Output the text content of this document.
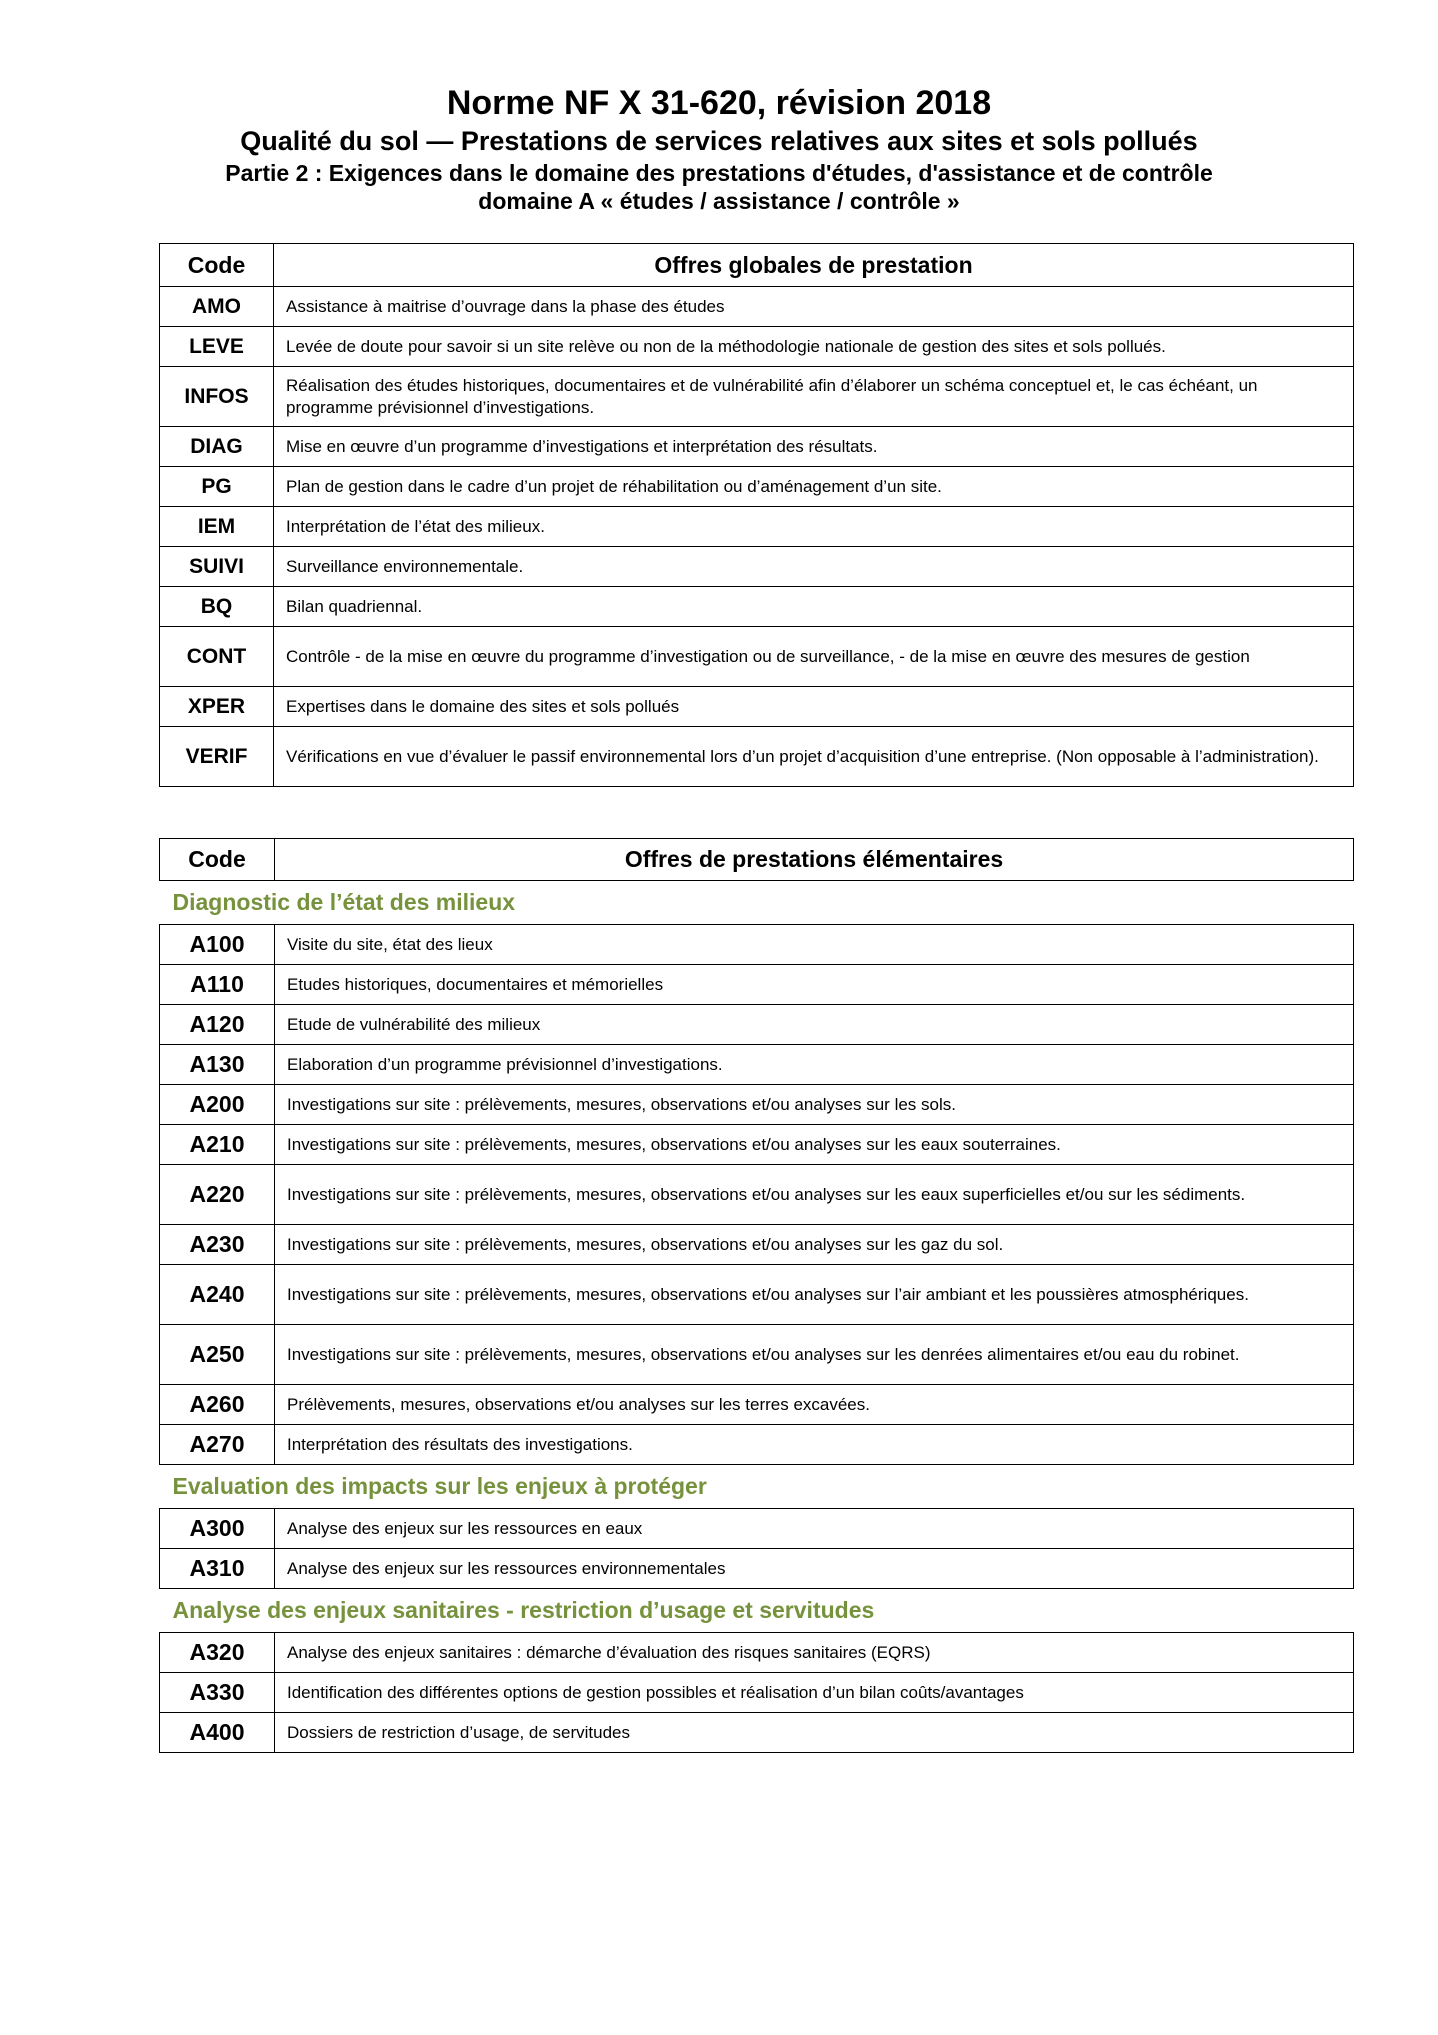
Norme NF X 31-620, révision 2018
Qualité du sol — Prestations de services relatives aux sites et sols pollués
Partie 2 : Exigences dans le domaine des prestations d'études, d'assistance et de contrôle
domaine A « études / assistance / contrôle »
Code	Offres globales de prestation
AMO	Assistance à maitrise d’ouvrage dans la phase des études
LEVE	Levée de doute pour savoir si un site relève ou non de la méthodologie nationale de gestion des sites et sols pollués.
INFOS	Réalisation des études historiques, documentaires et de vulnérabilité afin d’élaborer un schéma conceptuel et, le cas échéant, un programme prévisionnel d’investigations.
DIAG	Mise en œuvre d’un programme d’investigations et interprétation des résultats.
PG	Plan de gestion dans le cadre d’un projet de réhabilitation ou d’aménagement d’un site.
IEM	Interprétation de l’état des milieux.
SUIVI	Surveillance environnementale.
BQ	Bilan quadriennal.
CONT	Contrôle - de la mise en œuvre du programme d’investigation ou de surveillance, - de la mise en œuvre des mesures de gestion
XPER	Expertises dans le domaine des sites et sols pollués
VERIF	Vérifications en vue d’évaluer le passif environnemental lors d’un projet d’acquisition d’une entreprise. (Non opposable à l’administration).
Code	Offres de prestations élémentaires
Diagnostic de l’état des milieux	
A100	Visite du site, état des lieux
A110	Etudes historiques, documentaires et mémorielles
A120	Etude de vulnérabilité des milieux
A130	Elaboration d’un programme prévisionnel d’investigations.
A200	Investigations sur site : prélèvements, mesures, observations et/ou analyses sur les sols.
A210	Investigations sur site : prélèvements, mesures, observations et/ou analyses sur les eaux souterraines.
A220	Investigations sur site : prélèvements, mesures, observations et/ou analyses sur les eaux superficielles et/ou sur les sédiments.
A230	Investigations sur site : prélèvements, mesures, observations et/ou analyses sur les gaz du sol.
A240	Investigations sur site : prélèvements, mesures, observations et/ou analyses sur l’air ambiant et les poussières atmosphériques.
A250	Investigations sur site : prélèvements, mesures, observations et/ou analyses sur les denrées alimentaires et/ou eau du robinet.
A260	Prélèvements, mesures, observations et/ou analyses sur les terres excavées.
A270	Interprétation des résultats des investigations.
Evaluation des impacts sur les enjeux à protéger	
A300	Analyse des enjeux sur les ressources en eaux
A310	Analyse des enjeux sur les ressources environnementales
Analyse des enjeux sanitaires - restriction d’usage et servitudes	
A320	Analyse des enjeux sanitaires : démarche d’évaluation des risques sanitaires (EQRS)
A330	Identification des différentes options de gestion possibles et réalisation d’un bilan coûts/avantages
A400	Dossiers de restriction d’usage, de servitudes
